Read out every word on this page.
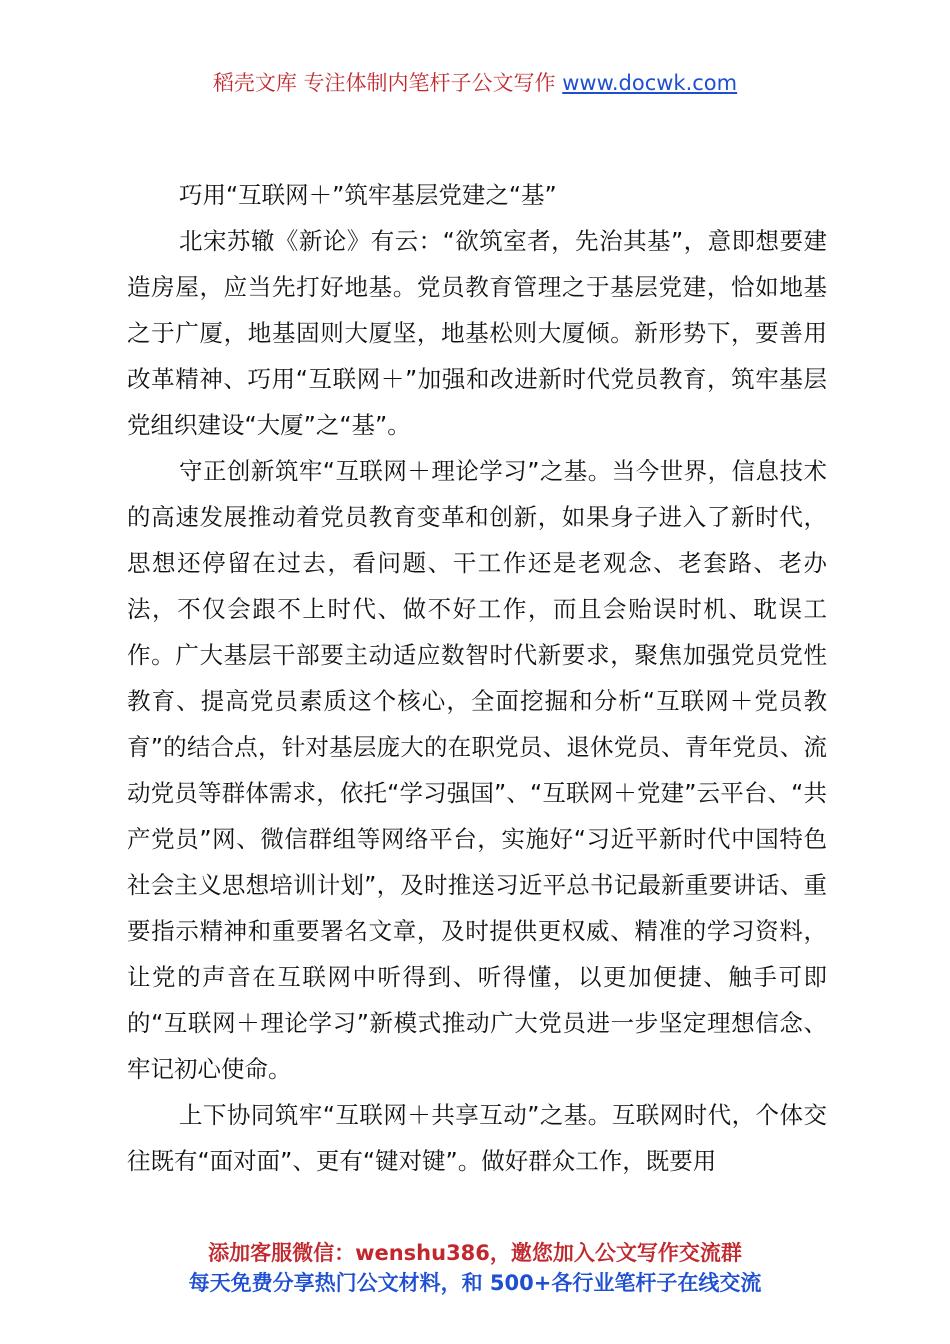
稻壳文库 专注体制内笔杆子公文写作 www.docwk.com

巧用“互联网＋”筑牢基层党建之“基”

北宋苏辙《新论》有云：“欲筑室者，先治其基”，意即想要建造房屋，应当先打好地基。党员教育管理之于基层党建，恰如地基之于广厦，地基固则大厦坚，地基松则大厦倾。新形势下，要善用改革精神、巧用“互联网＋”加强和改进新时代党员教育，筑牢基层党组织建设“大厦”之“基”。

守正创新筑牢“互联网＋理论学习”之基。当今世界，信息技术的高速发展推动着党员教育变革和创新，如果身子进入了新时代，思想还停留在过去，看问题、干工作还是老观念、老套路、老办法，不仅会跟不上时代、做不好工作，而且会贻误时机、耽误工作。广大基层干部要主动适应数智时代新要求，聚焦加强党员党性教育、提高党员素质这个核心，全面挖掘和分析“互联网＋党员教育”的结合点，针对基层庞大的在职党员、退休党员、青年党员、流动党员等群体需求，依托“学习强国”、“互联网＋党建”云平台、“共产党员”网、微信群组等网络平台，实施好“习近平新时代中国特色社会主义思想培训计划”，及时推送习近平总书记最新重要讲话、重要指示精神和重要署名文章，及时提供更权威、精准的学习资料，让党的声音在互联网中听得到、听得懂，以更加便捷、触手可即的“互联网＋理论学习”新模式推动广大党员进一步坚定理想信念、牢记初心使命。

上下协同筑牢“互联网＋共享互动”之基。互联网时代，个体交往既有“面对面”、更有“键对键”。做好群众工作，既要用

添加客服微信：wenshu386，邀您加入公文写作交流群
每天免费分享热门公文材料，和 500+各行业笔杆子在线交流
